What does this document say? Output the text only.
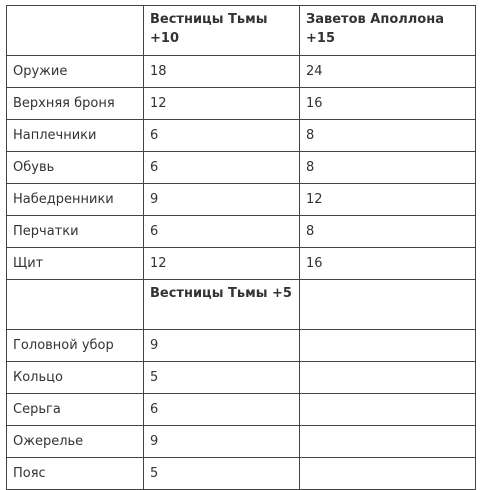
	Вестницы Тьмы +10	Заветов Аполлона +15
Оружие	18	24
Верхняя броня	12	16
Наплечники	6	8
Обувь	6	8
Набедренники	9	12
Перчатки	6	8
Щит	12	16
	Вестницы Тьмы +5	
Головной убор	9	
Кольцо	5	
Серьга	6	
Ожерелье	9	
Пояс	5	
